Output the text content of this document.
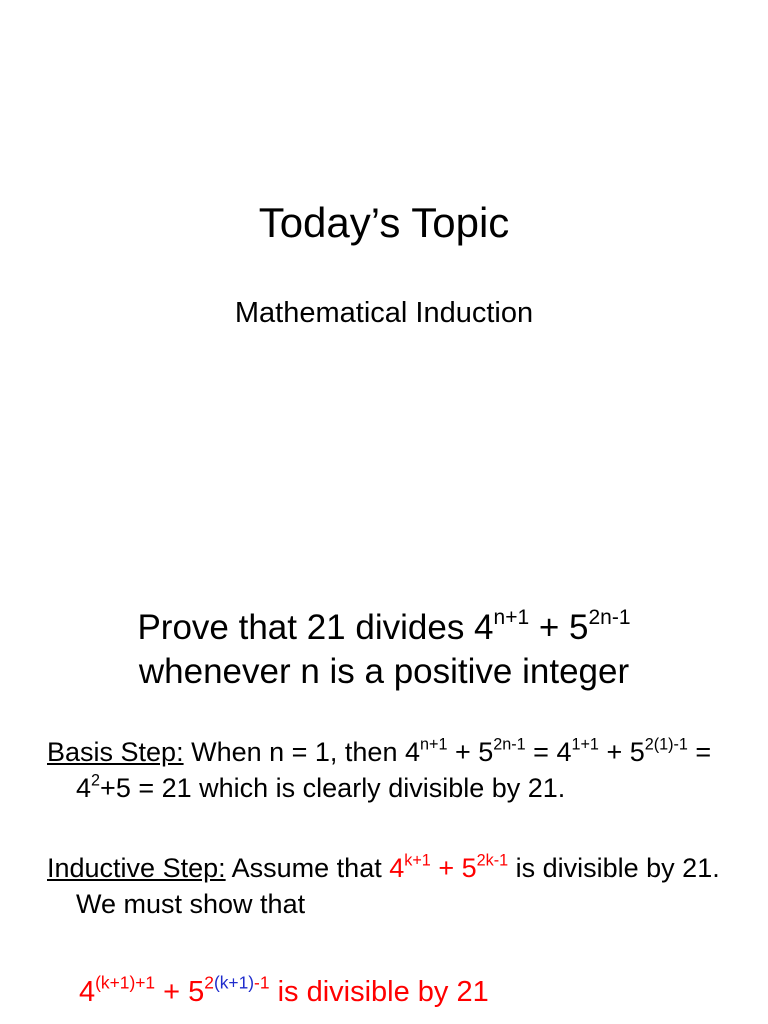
Today’s Topic
Mathematical Induction
Prove that 21 divides $4^{n+1} + 5^{2n-1}$
whenever n is a positive integer
Basis Step: When n = 1, then $4^{n+1} + 5^{2n-1} = 4^{1+1} + 5^{2(1)-1} = 4^2+5 = 21$ which is clearly divisible by 21.
Inductive Step: Assume that $4^{k+1} + 5^{2k-1}$ is divisible by 21. We must show that
$4^{(k+1)+1} + 5^{2(k+1)-1}$ is divisible by 21
